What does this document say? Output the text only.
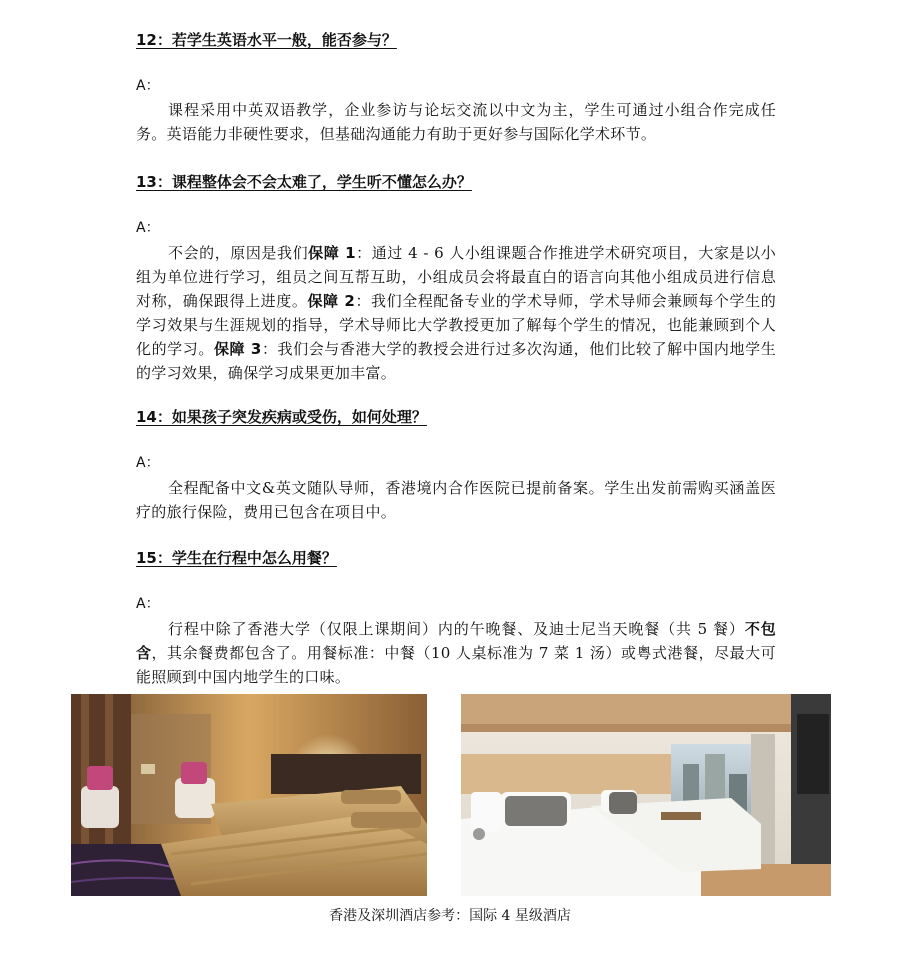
12：若学生英语水平一般，能否参与？
A：

课程采用中英双语教学，企业参访与论坛交流以中文为主，学生可通过小组合作完成任务。英语能力非硬性要求，但基础沟通能力有助于更好参与国际化学术环节。

13：课程整体会不会太难了，学生听不懂怎么办？
A：

不会的，原因是我们保障 1：通过 4 - 6 人小组课题合作推进学术研究项目，大家是以小组为单位进行学习，组员之间互帮互助，小组成员会将最直白的语言向其他小组成员进行信息对称，确保跟得上进度。保障 2：我们全程配备专业的学术导师，学术导师会兼顾每个学生的学习效果与生涯规划的指导，学术导师比大学教授更加了解每个学生的情况，也能兼顾到个人化的学习。保障 3：我们会与香港大学的教授会进行过多次沟通，他们比较了解中国内地学生的学习效果，确保学习成果更加丰富。

14：如果孩子突发疾病或受伤，如何处理？
A：

全程配备中文&英文随队导师，香港境内合作医院已提前备案。学生出发前需购买涵盖医疗的旅行保险，费用已包含在项目中。

15：学生在行程中怎么用餐？
A：

行程中除了香港大学（仅限上课期间）内的午晚餐、及迪士尼当天晚餐（共 5 餐）不包含，其余餐费都包含了。用餐标准：中餐（10 人桌标准为 7 菜 1 汤）或粤式港餐，尽最大可能照顾到中国内地学生的口味。

香港及深圳酒店参考：国际 4 星级酒店
